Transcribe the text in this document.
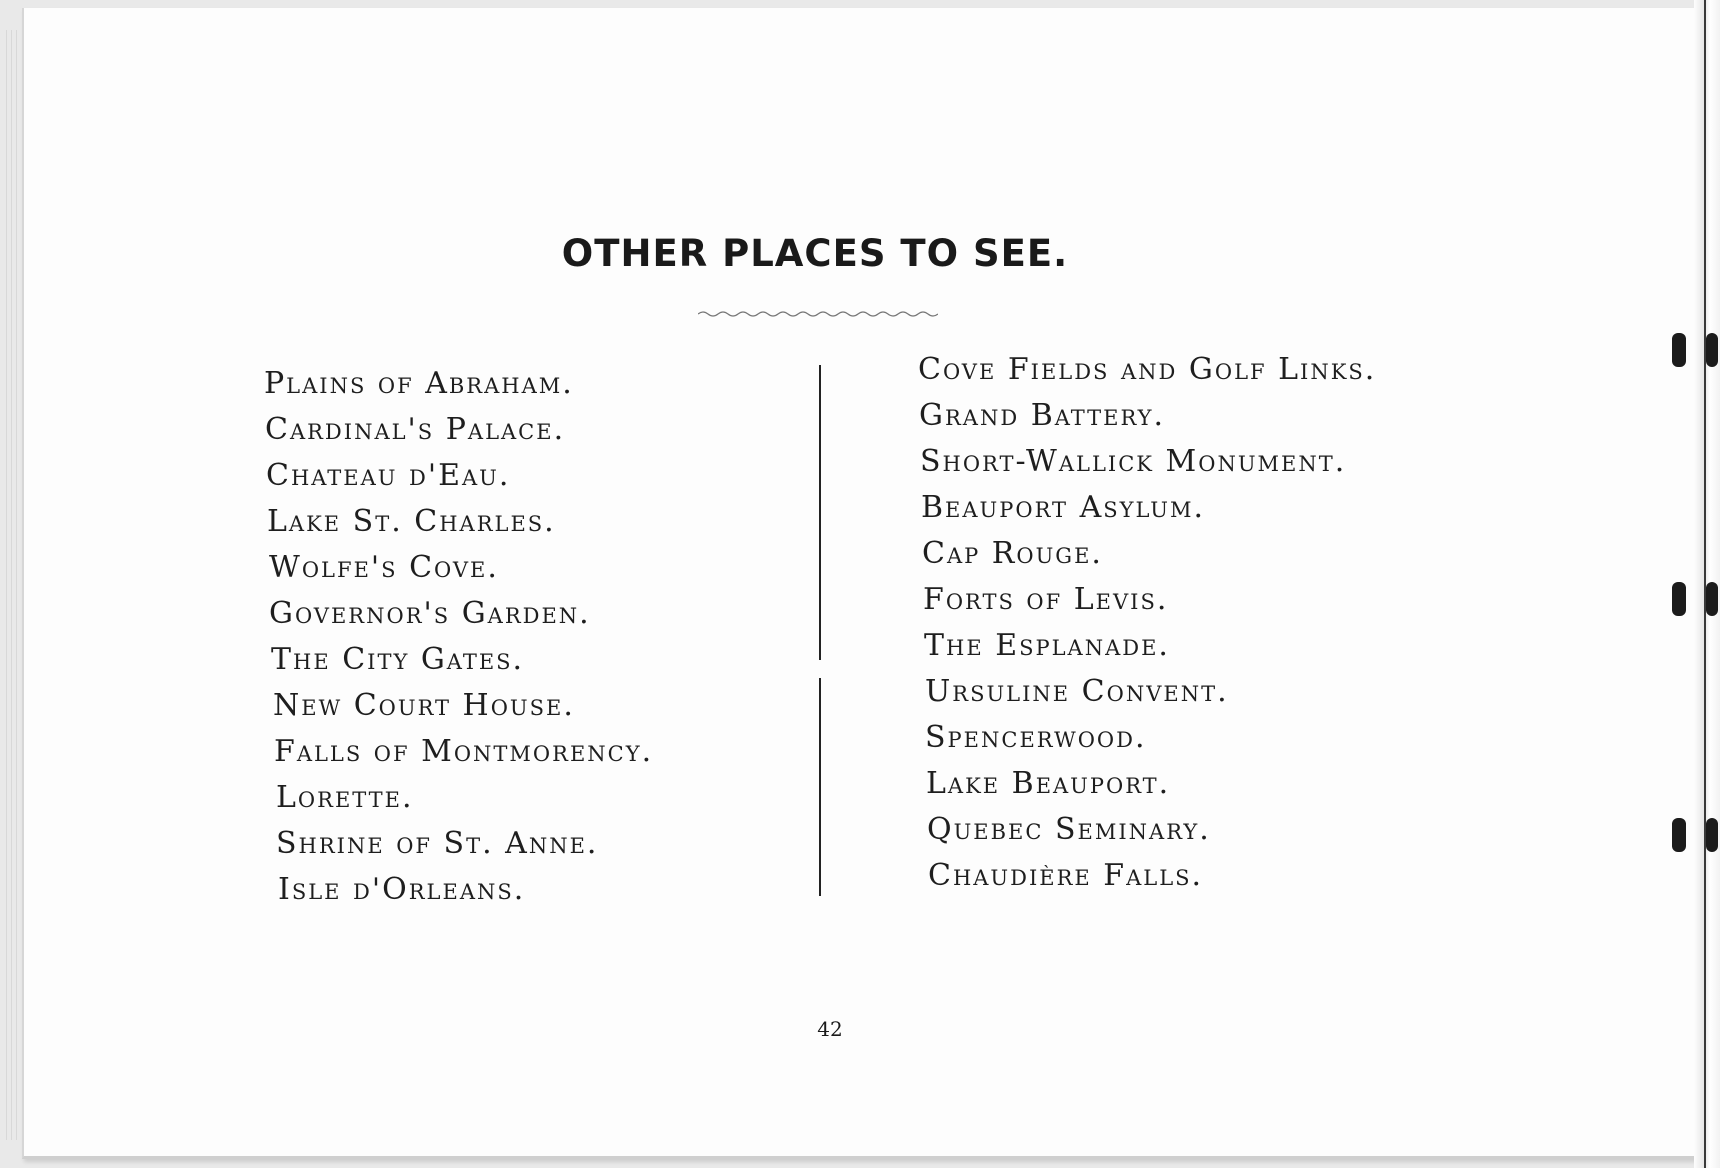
OTHER PLACES TO SEE.
Plains of Abraham.
Cardinal's Palace.
Chateau d'Eau.
Lake St. Charles.
Wolfe's Cove.
Governor's Garden.
The City Gates.
New Court House.
Falls of Montmorency.
Lorette.
Shrine of St. Anne.
Isle d'Orleans.
Cove Fields and Golf Links.
Grand Battery.
Short-Wallick Monument.
Beauport Asylum.
Cap Rouge.
Forts of Levis.
The Esplanade.
Ursuline Convent.
Spencerwood.
Lake Beauport.
Quebec Seminary.
Chaudière Falls.
42
